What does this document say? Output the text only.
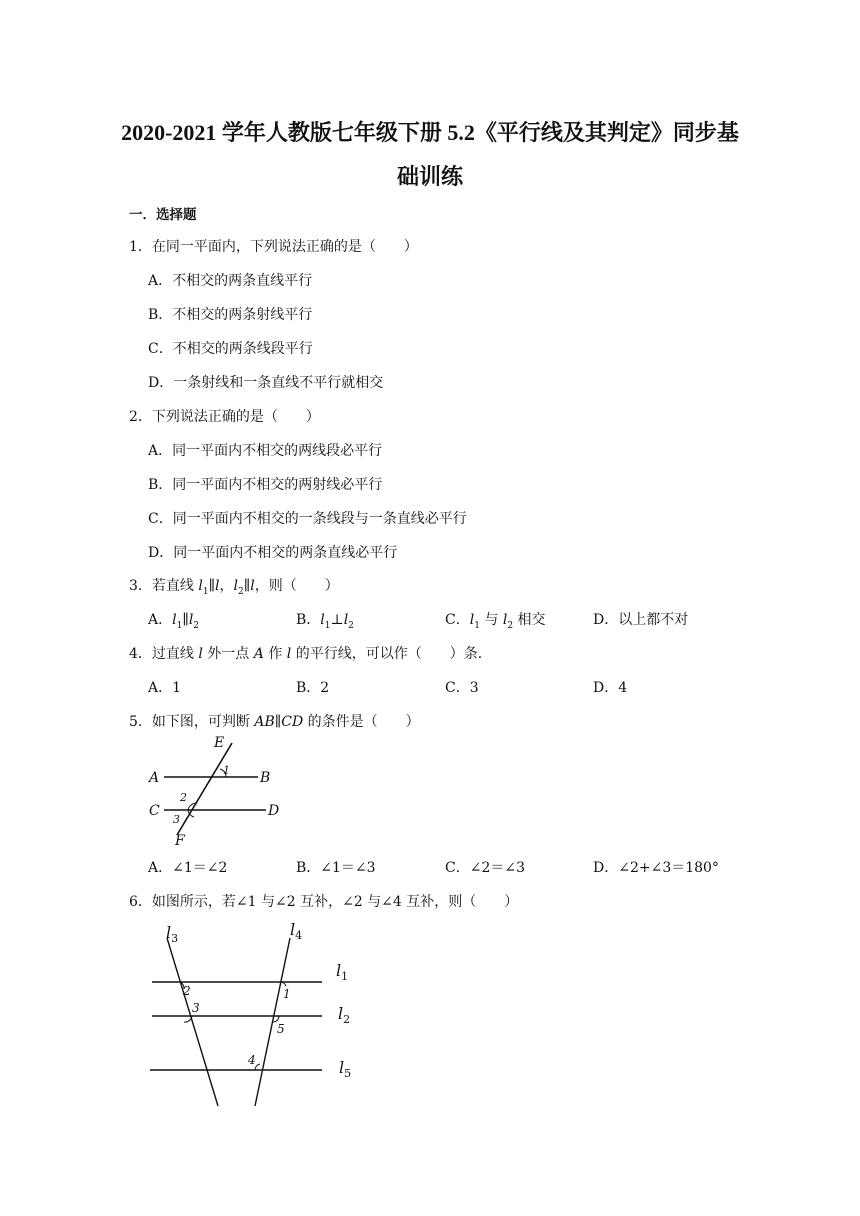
2020-2021 学年人教版七年级下册 5.2《平行线及其判定》同步基
础训练
一．选择题
1．在同一平面内，下列说法正确的是（　　）
A．不相交的两条直线平行
B．不相交的两条射线平行
C．不相交的两条线段平行
D．一条射线和一条直线不平行就相交
2．下列说法正确的是（　　）
A．同一平面内不相交的两线段必平行
B．同一平面内不相交的两射线必平行
C．同一平面内不相交的一条线段与一条直线必平行
D．同一平面内不相交的两条直线必平行
3．若直线 $l_1\parallel l$，$l_2\parallel l$，则（　　）
A．$l_1\parallel l_2$	B．$l_1\perp l_2$	C．$l_1$ 与 $l_2$ 相交	D．以上都不对
4．过直线 l 外一点 A 作 l 的平行线，可以作（　　）条．
A．1	B．2	C．3	D．4
5．如下图，可判断 AB∥CD 的条件是（　　）
E
A	B
C	D
F
1
2
3
A．∠1＝∠2	B．∠1＝∠3	C．∠2＝∠3	D．∠2+∠3＝180°
6．如图所示，若∠1 与∠2 互补，∠2 与∠4 互补，则（　　）
$l_3$	$l_4$
$l_1$
$l_2$
$l_5$
2
3
1
5
4
